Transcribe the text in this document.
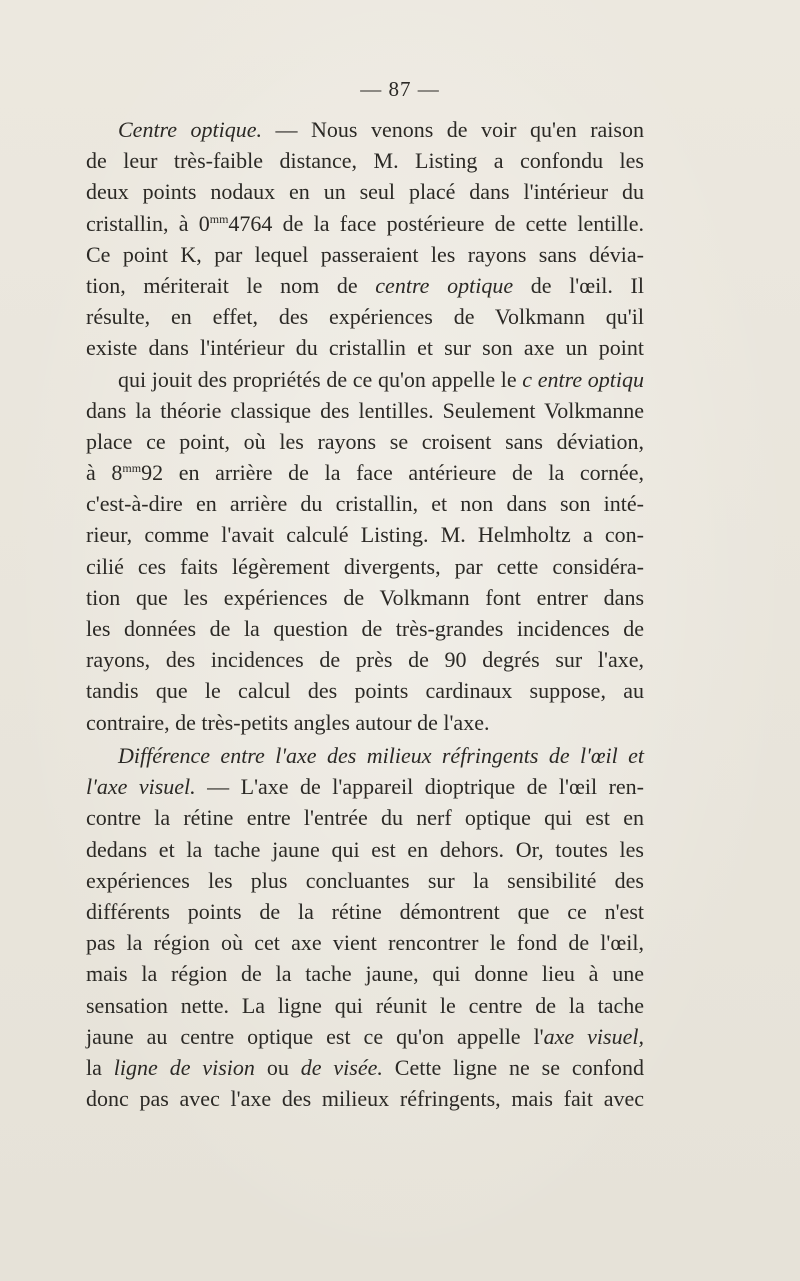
— 87 —
Centre optique. — Nous venons de voir qu'en raison
de leur très-faible distance, M. Listing a confondu les
deux points nodaux en un seul placé dans l'intérieur du
cristallin, à $0^{mm}4764$ de la face postérieure de cette lentille.
Ce point K, par lequel passeraient les rayons sans dévia-
tion, mériterait le nom de centre optique de l'œil. Il
résulte, en effet, des expériences de Volkmann qu'il
existe dans l'intérieur du cristallin et sur son axe un point
qui jouit des propriétés de ce qu'on appelle le c entre optiqu
dans la théorie classique des lentilles. Seulement Volkmanne
place ce point, où les rayons se croisent sans déviation,
à $8^{mm}92$ en arrière de la face antérieure de la cornée,
c'est-à-dire en arrière du cristallin, et non dans son inté-
rieur, comme l'avait calculé Listing. M. Helmholtz a con-
cilié ces faits légèrement divergents, par cette considéra-
tion que les expériences de Volkmann font entrer dans
les données de la question de très-grandes incidences de
rayons, des incidences de près de 90 degrés sur l'axe,
tandis que le calcul des points cardinaux suppose, au
contraire, de très-petits angles autour de l'axe.
Différence entre l'axe des milieux réfringents de l'œil et
l'axe visuel. — L'axe de l'appareil dioptrique de l'œil ren-
contre la rétine entre l'entrée du nerf optique qui est en
dedans et la tache jaune qui est en dehors. Or, toutes les
expériences les plus concluantes sur la sensibilité des
différents points de la rétine démontrent que ce n'est
pas la région où cet axe vient rencontrer le fond de l'œil,
mais la région de la tache jaune, qui donne lieu à une
sensation nette. La ligne qui réunit le centre de la tache
jaune au centre optique est ce qu'on appelle l'axe visuel,
la ligne de vision ou de visée. Cette ligne ne se confond
donc pas avec l'axe des milieux réfringents, mais fait avec
